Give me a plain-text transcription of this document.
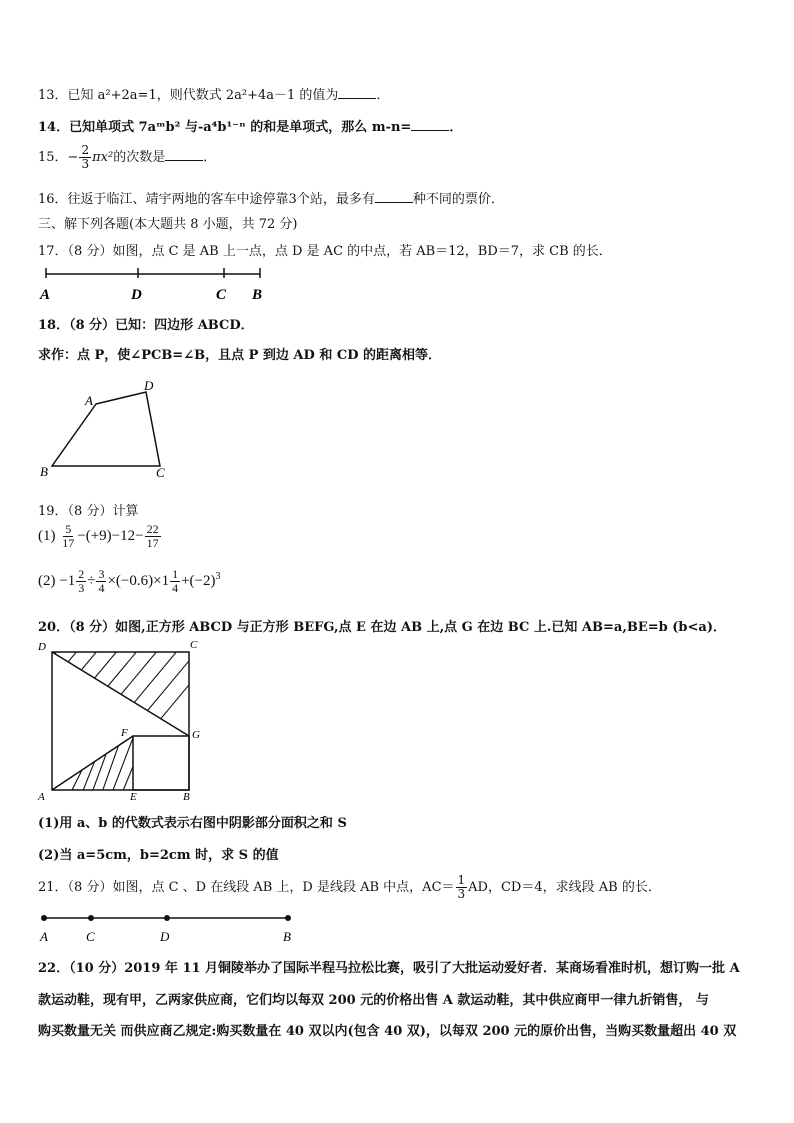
13．已知 a²+2a=1，则代数式 2a²+4a－1 的值为	．
14．已知单项式 7aᵐb² 与-a⁴b¹⁻ⁿ 的和是单项式，那么 m-n=	．
15．− $\frac{2}{3} \pi x^2$的次数是	．
16．往返于临江、靖宇两地的客车中途停靠3个站，最多有	种不同的票价．
三、解下列各题(本大题共 8 小题，共 72 分)
17．（8 分）如图，点 C 是 AB 上一点，点 D 是 AC 的中点，若 AB＝12，BD＝7，求 CB 的长．
A	D	C B
18．（8 分）已知：四边形 ABCD．
求作：点 P，使∠PCB=∠B，且点 P 到边 AD 和 CD 的距离相等．
A
B	C
D
19．（8 分）计算
$(1) \frac{5}{17} -(+9)-12- \frac{22}{17}$
$(2) -1 \frac{2}{3} \div \frac{3}{4} \times(-0.6)\times 1 \frac{1}{4} +(-2)^3$
20．（8 分）如图,正方形 ABCD 与正方形 BEFG,点 E 在边 AB 上,点 G 在边 BC 上.已知 AB=a,BE=b (b<a)．
D	C
F	G
A	E	B
(1)用 a、b 的代数式表示右图中阴影部分面积之和 S
(2)当 a=5cm，b=2cm 时，求 S 的值
21．（8 分）如图，点 C 、D 在线段 AB 上，D 是线段 AB 中点，$AC= \frac{1}{3}$ AD，CD＝4，求线段 AB 的长．
A	C	D	B
22．（10 分）2019 年 11 月铜陵举办了国际半程马拉松比赛，吸引了大批运动爱好者．某商场看准时机，想订购一批 A
款运动鞋，现有甲，乙两家供应商，它们均以每双 200 元的价格出售 A 款运动鞋，其中供应商甲一律九折销售， 与
购买数量无关 而供应商乙规定:购买数量在 40 双以内(包含 40 双)，以每双 200 元的原价出售，当购买数量超出 40 双
